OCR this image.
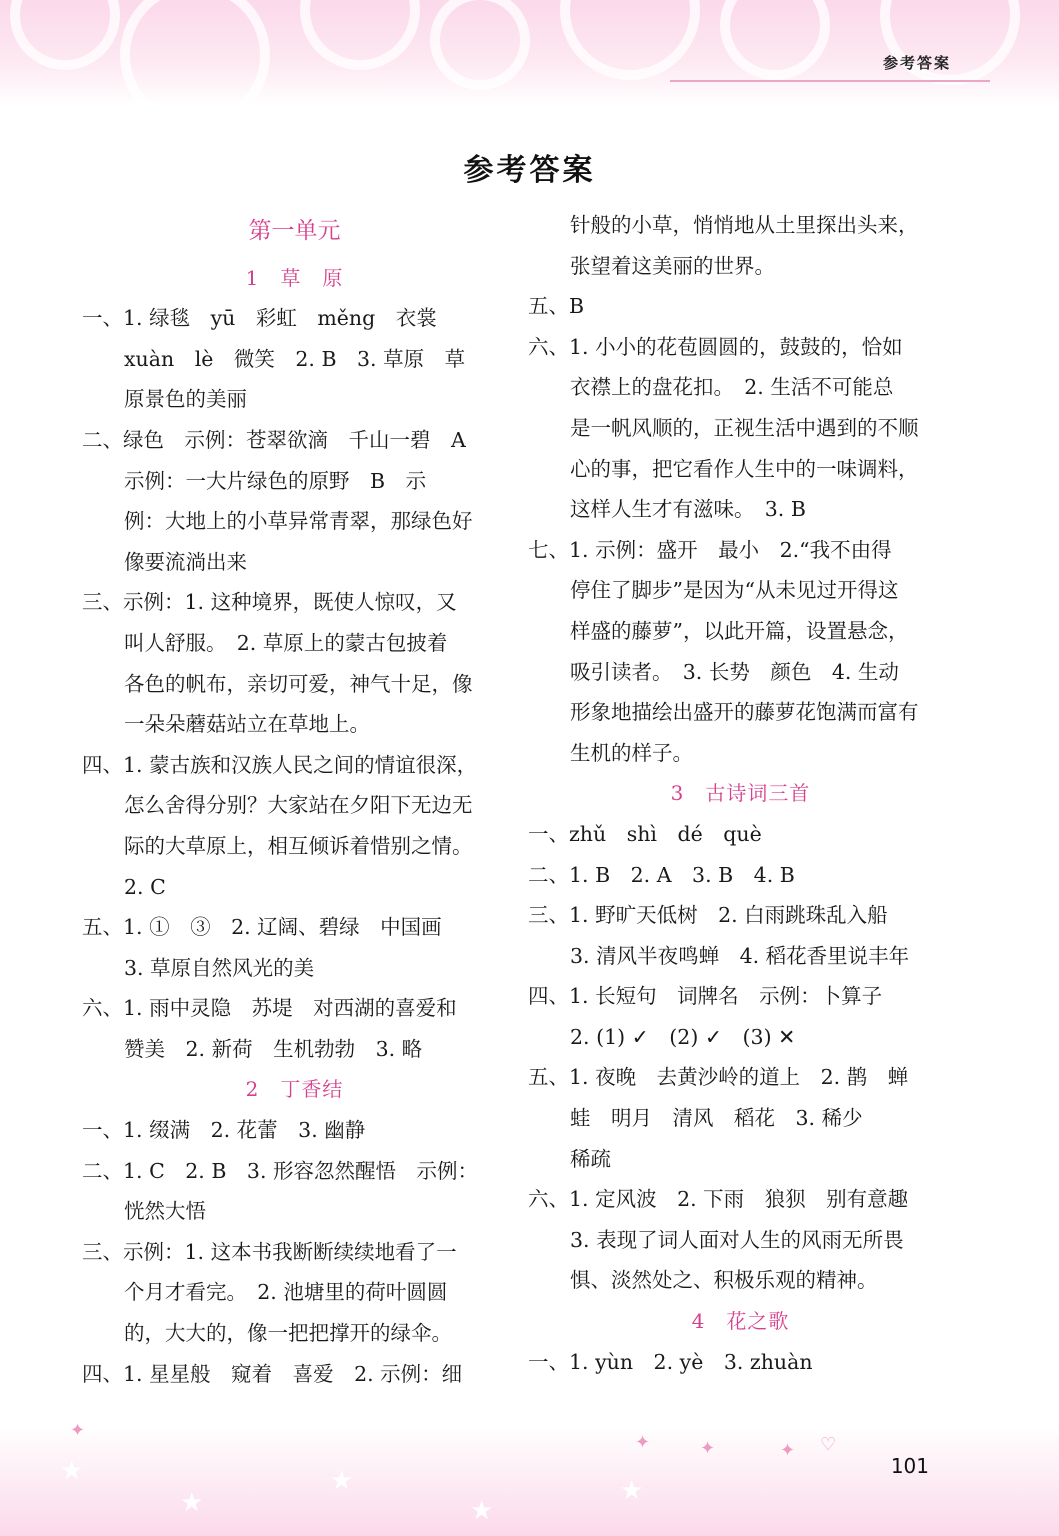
参考答案
参考答案
第一单元
1　草　原
一、1. 绿毯　yū　彩虹　měng　衣裳
xuàn　lè　微笑　2. B　3. 草原　草
原景色的美丽
二、绿色　示例：苍翠欲滴　千山一碧　A
示例：一大片绿色的原野　B　示
例：大地上的小草异常青翠，那绿色好
像要流淌出来
三、示例：1. 这种境界，既使人惊叹，又
叫人舒服。　2. 草原上的蒙古包披着
各色的帆布，亲切可爱，神气十足，像
一朵朵蘑菇站立在草地上。
四、1. 蒙古族和汉族人民之间的情谊很深，
怎么舍得分别？大家站在夕阳下无边无
际的大草原上，相互倾诉着惜别之情。
2. C
五、1. ①　③　2. 辽阔、碧绿　中国画
3. 草原自然风光的美
六、1. 雨中灵隐　苏堤　对西湖的喜爱和
赞美　2. 新荷　生机勃勃　3. 略
2　丁香结
一、1. 缀满　2. 花蕾　3. 幽静
二、1. C　2. B　3. 形容忽然醒悟　示例：
恍然大悟
三、示例：1. 这本书我断断续续地看了一
个月才看完。　2. 池塘里的荷叶圆圆
的，大大的，像一把把撑开的绿伞。
四、1. 星星般　窥着　喜爱　2. 示例：细
针般的小草，悄悄地从土里探出头来，
张望着这美丽的世界。
五、B
六、1. 小小的花苞圆圆的，鼓鼓的，恰如
衣襟上的盘花扣。　2. 生活不可能总
是一帆风顺的，正视生活中遇到的不顺
心的事，把它看作人生中的一味调料，
这样人生才有滋味。　3. B
七、1. 示例：盛开　最小　2.“我不由得
停住了脚步”是因为“从未见过开得这
样盛的藤萝”，以此开篇，设置悬念，
吸引读者。　3. 长势　颜色　4. 生动
形象地描绘出盛开的藤萝花饱满而富有
生机的样子。
3　古诗词三首
一、zhǔ　shì　dé　què
二、1. B　2. A　3. B　4. B
三、1. 野旷天低树　2. 白雨跳珠乱入船
3. 清风半夜鸣蝉　4. 稻花香里说丰年
四、1. 长短句　词牌名　示例：卜算子
2. (1) ✓　(2) ✓　(3) ✕
五、1. 夜晚　去黄沙岭的道上　2. 鹊　蝉
蛙　明月　清风　稻花　3. 稀少
稀疏
六、1. 定风波　2. 下雨　狼狈　别有意趣
3. 表现了词人面对人生的风雨无所畏
惧、淡然处之、积极乐观的精神。
4　花之歌
一、1. yùn　2. yè　3. zhuàn
★
★
★
★
★
✦
✦	✦	✦ ♡
101
